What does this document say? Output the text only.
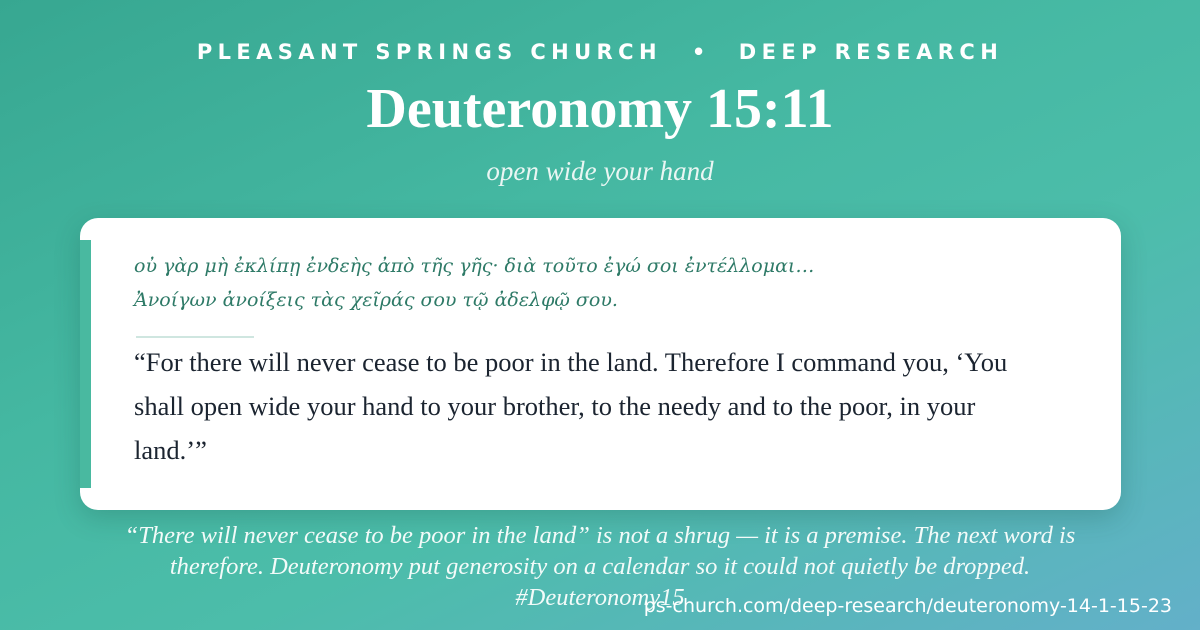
PLEASANT SPRINGS CHURCH • DEEP RESEARCH
Deuteronomy 15:11
open wide your hand
οὐ γὰρ μὴ ἐκλίπῃ ἐνδεὴς ἀπὸ τῆς γῆς· διὰ τοῦτο ἐγώ σοι ἐντέλλομαι…
Ἀνοίγων ἀνοίξεις τὰς χεῖράς σου τῷ ἀδελφῷ σου.
“For there will never cease to be poor in the land. Therefore I command you, ‘You shall open wide your hand to your brother, to the needy and to the poor, in your land.’”
“There will never cease to be poor in the land” is not a shrug — it is a premise. The next word is therefore. Deuteronomy put generosity on a calendar so it could not quietly be dropped. #Deuteronomy15
ps-church.com/deep-research/deuteronomy-14-1-15-23
